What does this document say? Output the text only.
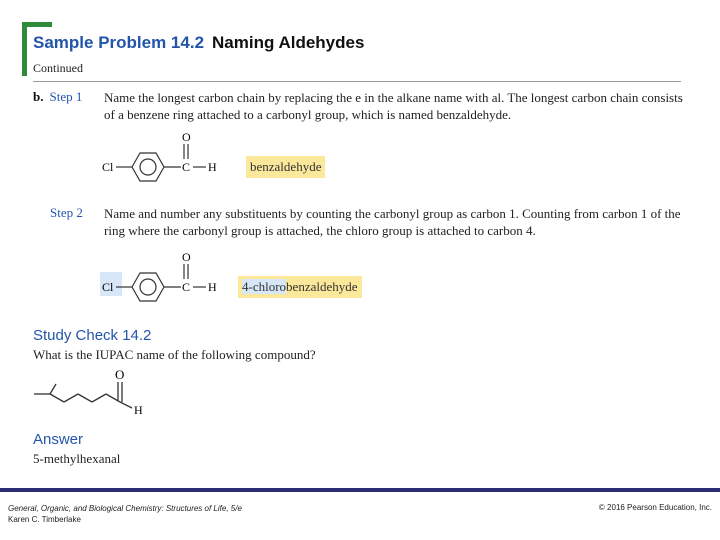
Sample Problem 14.2 Naming Aldehydes
Continued
b. Step 1 Name the longest carbon chain by replacing the e in the alkane name with al. The longest carbon chain consists of a benzene ring attached to a carbonyl group, which is named benzaldehyde.
Cl	C
O
H	benzaldehyde
Step 2 Name and number any substituents by counting the carbonyl group as carbon 1. Counting from carbon 1 of the ring where the carbonyl group is attached, the chloro group is attached to carbon 4.
Cl	C
O
H	4-chlorobenzaldehyde
Study Check 14.2
What is the IUPAC name of the following compound?
O
H
Answer
5-methylhexanal
General, Organic, and Biological Chemistry: Structures of Life, 5/e
Karen C. Timberlake
© 2016 Pearson Education, Inc.
